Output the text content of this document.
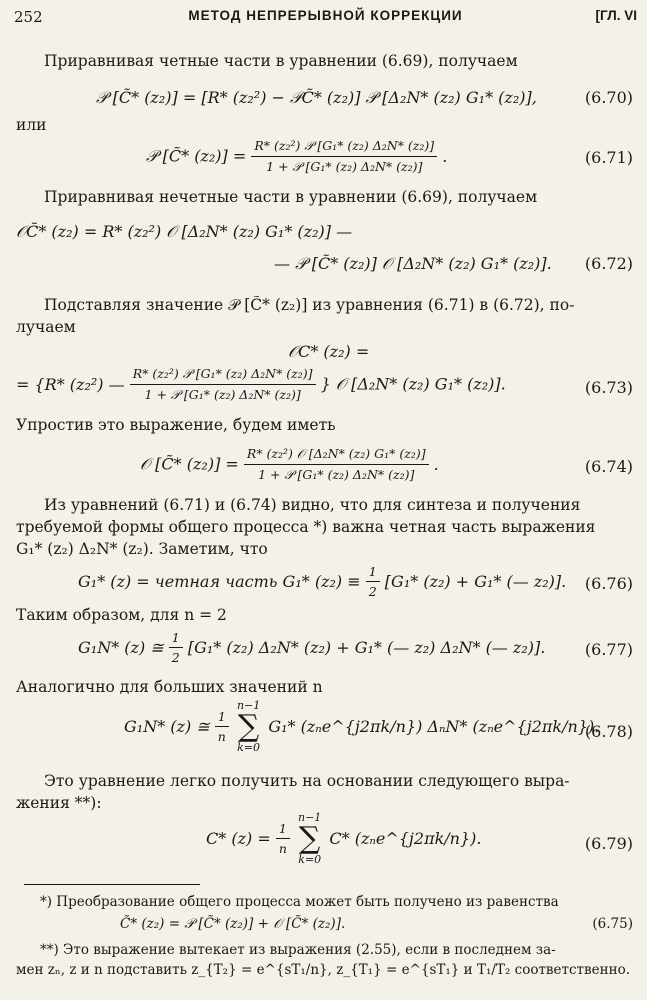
252	МЕТОД НЕПРЕРЫВНОЙ КОРРЕКЦИИ	[ГЛ. VI
Приравнивая четные части в уравнении (6.69), получаем
𝒫 [C̃* (z₂)] = [R* (z₂²) − 𝒫C̃* (z₂)] 𝒫 [Δ₂N* (z₂) G₁* (z₂)],	(6.70)
или
𝒫 [C̃* $(z_2)] = \frac{\text{R* (z₂²) 𝒫 [G₁* (z₂) Δ₂N* (z₂)]}}{\text{1 + 𝒫 [G₁* (z₂) Δ₂N* (z₂)]}}$ .	(6.71)
Приравнивая нечетные части в уравнении (6.69), получаем
𝒪C̃* (z₂) = R* (z₂²) 𝒪 [Δ₂N* (z₂) G₁* (z₂)] —
— 𝒫 [C̃* (z₂)] 𝒪 [Δ₂N* (z₂) G₁* (z₂)]. (6.72)
Подставляя значение 𝒫 [C̃* (z₂)] из уравнения (6.71) в (6.72), по-
лучаем
𝒪C* (z₂) =
= {R* (z₂²) — $\frac{\text{R* (z₂²) 𝒫 [G₁* (z₂) Δ₂N* (z₂)]}}{\text{1 + 𝒫 [G₁* (z₂) Δ₂N* (z₂)]}}$ } 𝒪 [Δ₂N* (z₂) G₁* (z₂)].	(6.73)
Упростив это выражение, будем иметь
𝒪 [C̃* $(z_2)] = \frac{\text{R* (z₂²) 𝒪 [Δ₂N* (z₂) G₁* (z₂)]}}{\text{1 + 𝒫 [G₁* (z₂) Δ₂N* (z₂)]}}$ .	(6.74)
Из уравнений (6.71) и (6.74) видно, что для синтеза и получения
требуемой формы общего процесса *) важна четная часть выражения
G₁* (z₂) Δ₂N* (z₂). Заметим, что
G₁* (z) = четная часть G₁* $(z_2) \equiv \frac{1}{2} [G_1*$ (z₂) + G₁* (— z₂)]. (6.76)
Таким образом, для n = 2
G₁N* (z) ≅ $\frac{1}{2} [G_1*$ (z₂) Δ₂N* (z₂) + G₁* (— z₂) Δ₂N* (— z₂)]. (6.77)
Аналогично для больших значений n
G₁N* (z) ≅ $\frac{1}{n}$
n−1
∑
k=0 G₁* (zₙe^{j2πk/n}) ΔₙN* (zₙe^{j2πk/n}).
(6.78)
Это уравнение легко получить на основании следующего выра-
жения **):
C* $(z) = \frac{1}{n}$
n−1
∑
k=0 C* (zₙe^{j2πk/n}).	(6.79)
*) Преобразование общего процесса может быть получено из равенства
C̃* (z₂) = 𝒫 [C̃* (z₂)] + 𝒪 [C̃* (z₂)].	(6.75)
**) Это выражение вытекает из выражения (2.55), если в последнем за-
мен zₙ, z и n подставить z_{T₂} = e^{sT₁/n}, z_{T₁} = e^{sT₁} и T₁/T₂ соответственно.
